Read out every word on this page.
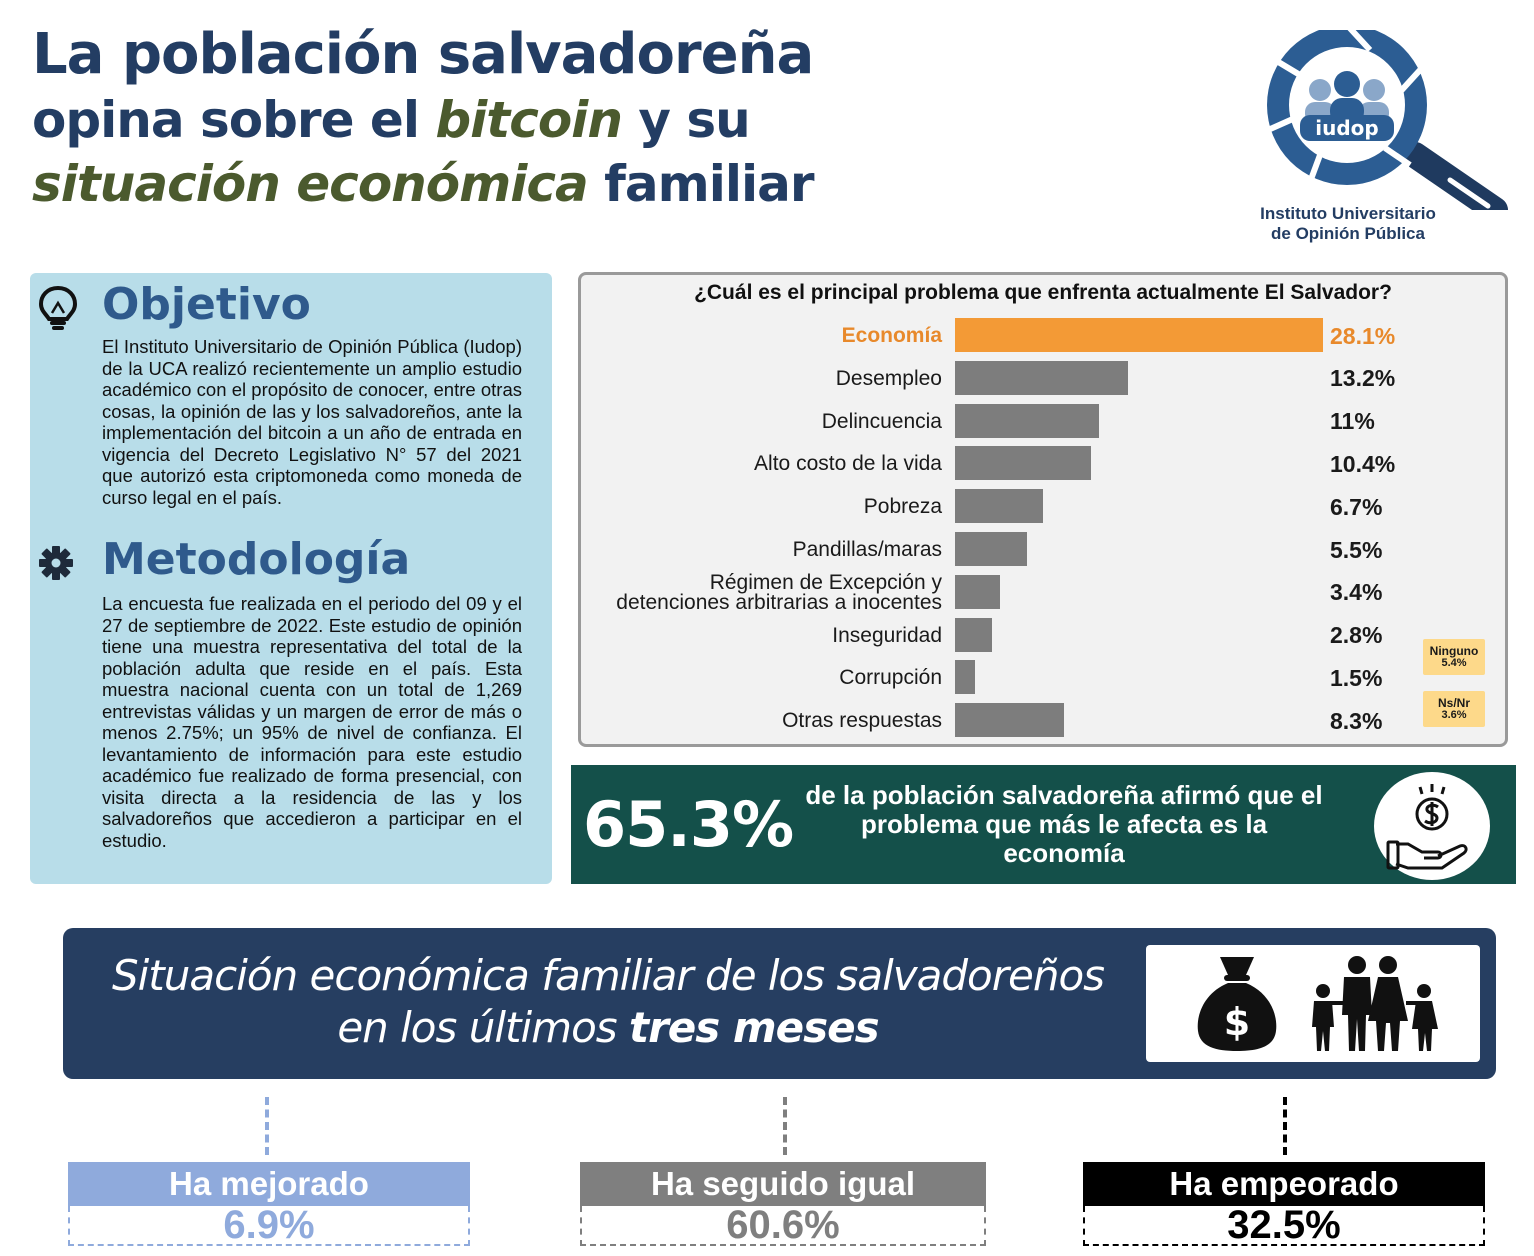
La población salvadoreña
opina sobre el bitcoin y su
situación económica familiar
iudop
Instituto Universitario
de Opinión Pública
Objetivo
El Instituto Universitario de Opinión Pública (Iudop) de la UCA realizó recientemente un amplio estudio académico con el propósito de conocer, entre otras cosas, la opinión de las y los salvadoreños, ante la implementación del bitcoin a un año de entrada en vigencia del Decreto Legislativo N° 57 del 2021 que autorizó esta criptomoneda como moneda de curso legal en el país.
Metodología
La encuesta fue realizada en el periodo del 09 y el 27 de septiembre de 2022. Este estudio de opinión tiene una muestra representativa del total de la población adulta que reside en el país. Esta muestra nacional cuenta con un total de 1,269 entrevistas válidas y un margen de error de más o menos 2.75%; un 95% de nivel de confianza. El levantamiento de información para este estudio académico fue realizado de forma presencial, con visita directa a la residencia de las y los salvadoreños que accedieron a participar en el estudio.
¿Cuál es el principal problema que enfrenta actualmente El Salvador?
Economía	28.1%
Desempleo	13.2%
Delincuencia	11%
Alto costo de la vida	10.4%
Pobreza	6.7%
Pandillas/maras	5.5%
Régimen de Excepción y
detenciones arbitrarias a inocentes	3.4%
Inseguridad	2.8%
Corrupción	1.5%
Otras respuestas	8.3%
Ninguno
5.4%
Ns/Nr
3.6%
65.3% de la población salvadoreña afirmó que el problema que más le afecta es la economía
Situación económica familiar de los salvadoreños
en los últimos tres meses	$
Ha mejorado
6.9%
Ha seguido igual
60.6%
Ha empeorado
32.5%
